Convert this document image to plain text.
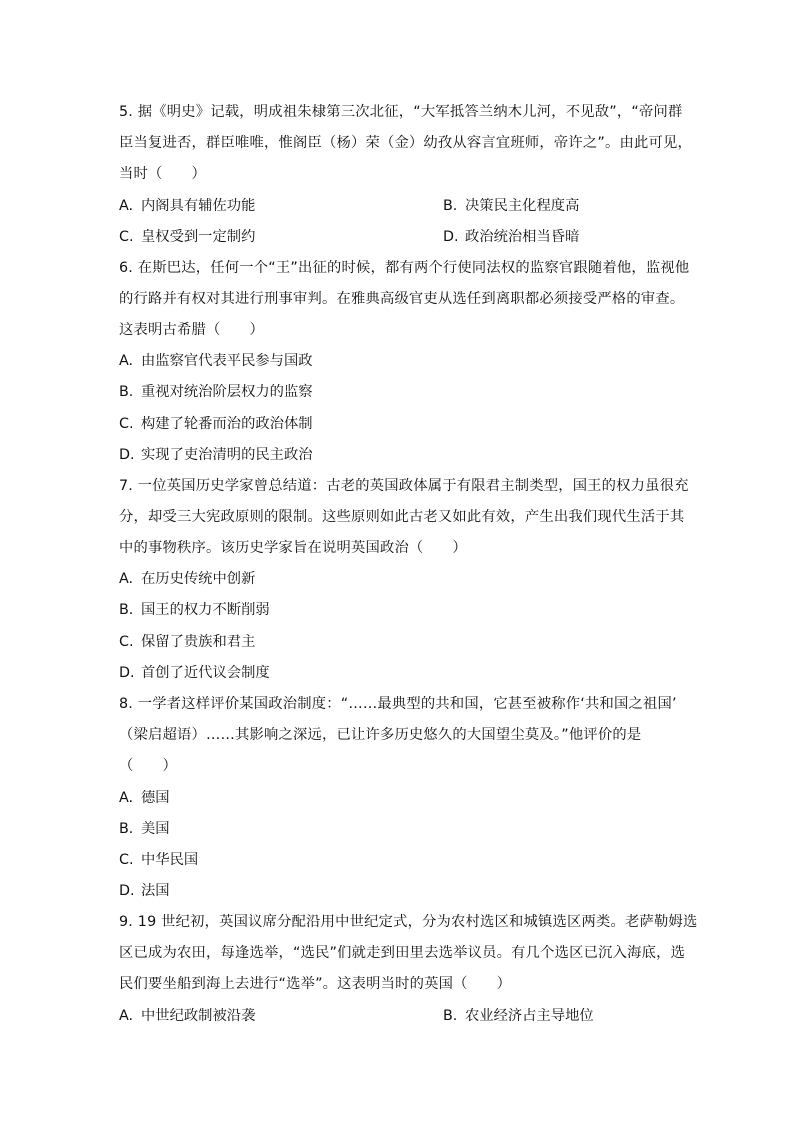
5. 据《明史》记载，明成祖朱棣第三次北征，“大军抵答兰纳木儿河，不见敌”，“帝问群
臣当复进否，群臣唯唯，惟阁臣（杨）荣（金）幼孜从容言宜班师，帝许之”。由此可见，
当时（　　）
A. 内阁具有辅佐功能	B. 决策民主化程度高
C. 皇权受到一定制约	D. 政治统治相当昏暗
6. 在斯巴达，任何一个“王”出征的时候，都有两个行使同法权的监察官跟随着他，监视他
的行路并有权对其进行刑事审判。在雅典高级官吏从选任到离职都必须接受严格的审查。
这表明古希腊（　　）
A. 由监察官代表平民参与国政
B. 重视对统治阶层权力的监察
C. 构建了轮番而治的政治体制
D. 实现了吏治清明的民主政治
7. 一位英国历史学家曾总结道：古老的英国政体属于有限君主制类型，国王的权力虽很充
分，却受三大宪政原则的限制。这些原则如此古老又如此有效，产生出我们现代生活于其
中的事物秩序。该历史学家旨在说明英国政治（　　）
A. 在历史传统中创新
B. 国王的权力不断削弱
C. 保留了贵族和君主
D. 首创了近代议会制度
8. 一学者这样评价某国政治制度：“……最典型的共和国，它甚至被称作‘共和国之祖国’
（梁启超语）……其影响之深远，已让许多历史悠久的大国望尘莫及。”他评价的是
（　　）
A. 德国
B. 美国
C. 中华民国
D. 法国
9. 19 世纪初，英国议席分配沿用中世纪定式，分为农村选区和城镇选区两类。老萨勒姆选
区已成为农田，每逢选举，“选民”们就走到田里去选举议员。有几个选区已沉入海底，选
民们要坐船到海上去进行“选举”。这表明当时的英国（　　）
A. 中世纪政制被沿袭	B. 农业经济占主导地位
